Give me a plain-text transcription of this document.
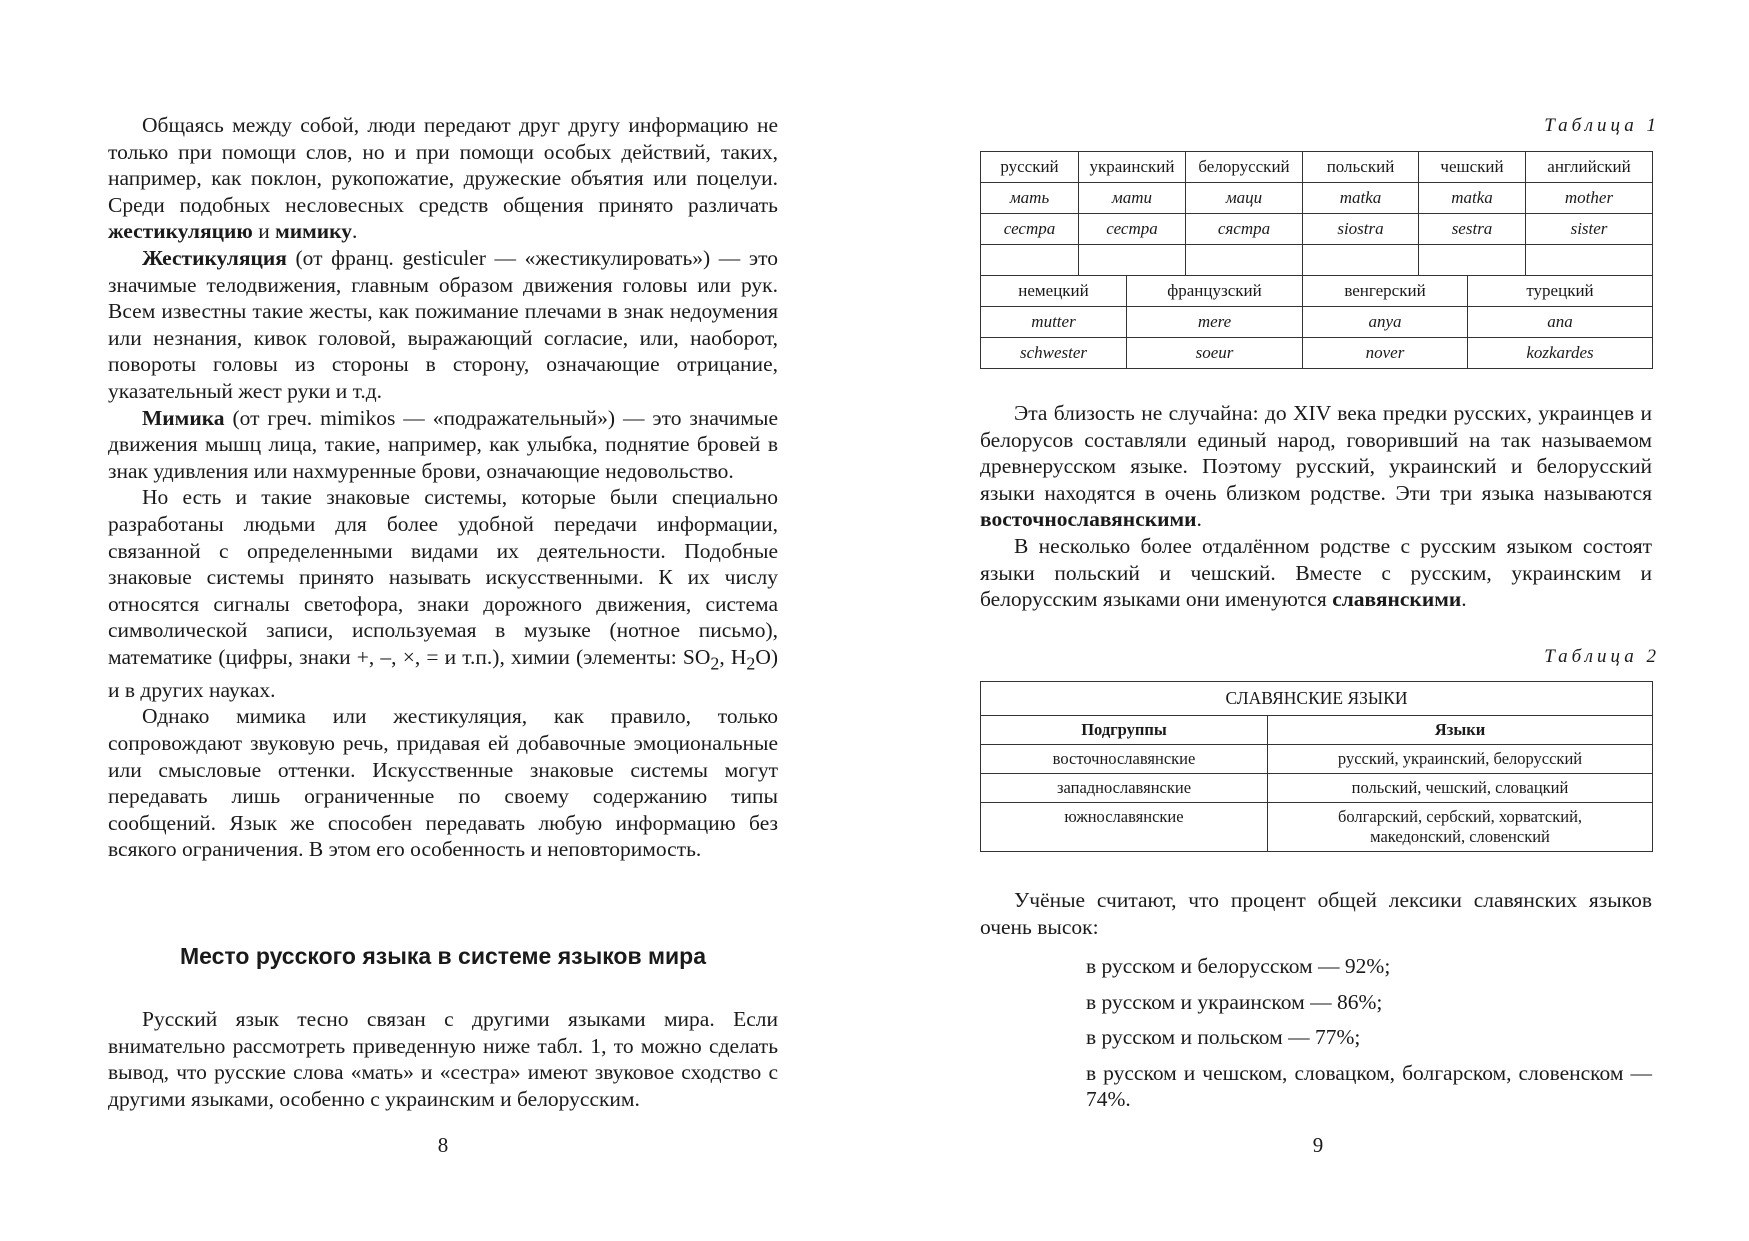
Общаясь между собой, люди передают друг другу информацию не только при помощи слов, но и при помощи особых действий, таких, например, как поклон, рукопожатие, дружеские объятия или поцелуи. Среди подобных несловесных средств общения принято различать жестикуляцию и мимику.

Жестикуляция (от франц. gesticuler — «жестикулировать») — это значимые телодвижения, главным образом движения головы или рук. Всем известны такие жесты, как пожимание плечами в знак недоумения или незнания, кивок головой, выражающий согласие, или, наоборот, повороты головы из стороны в сторону, означающие отрицание, указательный жест руки и т.д.

Мимика (от греч. mimikos — «подражательный») — это значимые движения мышц лица, такие, например, как улыбка, поднятие бровей в знак удивления или нахмуренные брови, означающие недовольство.

Но есть и такие знаковые системы, которые были специально разработаны людьми для более удобной передачи информации, связанной с определенными видами их деятельности. Подобные знаковые системы принято называть искусственными. К их числу относятся сигналы светофора, знаки дорожного движения, система символической записи, используемая в музыке (нотное письмо), математике (цифры, знаки +, –, ×, = и т.п.), химии (элементы: $SO_2$, $H_2O$) и в других науках.

Однако мимика или жестикуляция, как правило, только сопровождают звуковую речь, придавая ей добавочные эмоциональные или смысловые оттенки. Искусственные знаковые системы могут передавать лишь ограниченные по своему содержанию типы сообщений. Язык же способен передавать любую информацию без всякого ограничения. В этом его особенность и неповторимость.

Место русского языка в системе языков мира

Русский язык тесно связан с другими языками мира. Если внимательно рассмотреть приведенную ниже табл. 1, то можно сделать вывод, что русские слова «мать» и «сестра» имеют звуковое сходство с другими языками, особенно с украинским и белорусским.

8

Таблица 1

русский	украинский	белорусский	польский	чешский	английский
мать	мати	маци	matka	matka	mother
сестра	сестра	сястра	siostra	sestra	sister

немецкий	французский	венгерский	турецкий
mutter	mere	anya	ana
schwester	soeur	nover	kozkardes

Эта близость не случайна: до XIV века предки русских, украинцев и белорусов составляли единый народ, говоривший на так называемом древнерусском языке. Поэтому русский, украинский и белорусский языки находятся в очень близком родстве. Эти три языка называются восточнославянскими.

В несколько более отдалённом родстве с русским языком состоят языки польский и чешский. Вместе с русским, украинским и белорусским языками они именуются славянскими.

Таблица 2

СЛАВЯНСКИЕ ЯЗЫКИ	
Подгруппы	Языки
восточнославянские	русский, украинский, белорусский
западнославянские	польский, чешский, словацкий
южнославянские	болгарский, сербский, хорватский, македонский, словенский

Учёные считают, что процент общей лексики славянских языков очень высок:

в русском и белорусском — 92%;

в русском и украинском — 86%;

в русском и польском — 77%;

в русском и чешском, словацком, болгарском, словенском — 74%.

9
